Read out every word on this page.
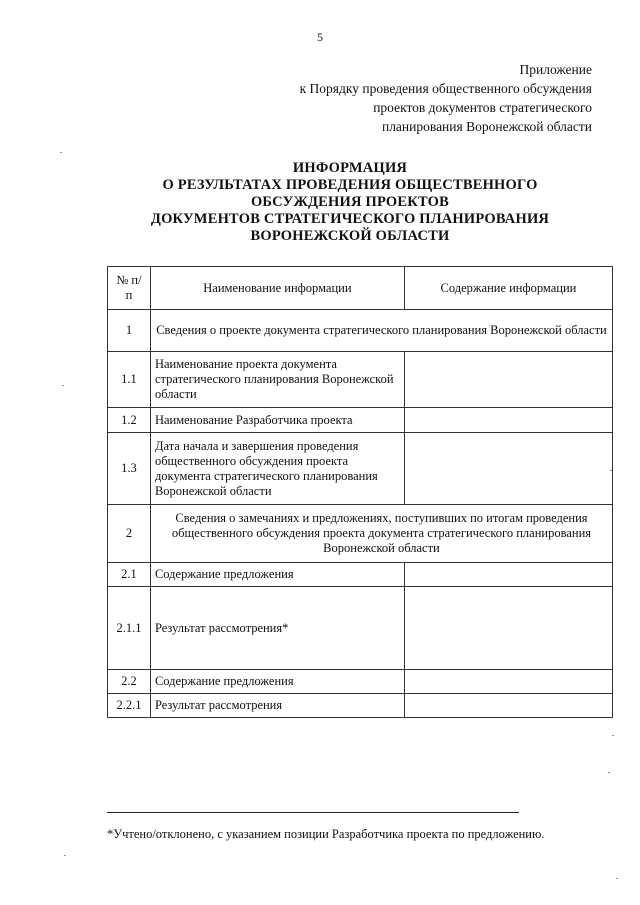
5
Приложение
к Порядку проведения общественного обсуждения
проектов документов стратегического
планирования Воронежской области
ИНФОРМАЦИЯ
О РЕЗУЛЬТАТАХ ПРОВЕДЕНИЯ ОБЩЕСТВЕННОГО
ОБСУЖДЕНИЯ ПРОЕКТОВ
ДОКУМЕНТОВ СТРАТЕГИЧЕСКОГО ПЛАНИРОВАНИЯ
ВОРОНЕЖСКОЙ ОБЛАСТИ
№ п/п	Наименование информации	Содержание информации
1	Сведения о проекте документа стратегического планирования Воронежской области	
1.1	Наименование проекта документа стратегического планирования Воронежской области	
1.2	Наименование Разработчика проекта	
1.3	Дата начала и завершения проведения общественного обсуждения проекта документа стратегического планирования Воронежской области	
2	Сведения о замечаниях и предложениях, поступивших по итогам проведения общественного обсуждения проекта документа стратегического планирования Воронежской области	
2.1	Содержание предложения	
2.1.1	Результат рассмотрения*	
2.2	Содержание предложения	
2.2.1	Результат рассмотрения	
*Учтено/отклонено, с указанием позиции Разработчика проекта по предложению.
